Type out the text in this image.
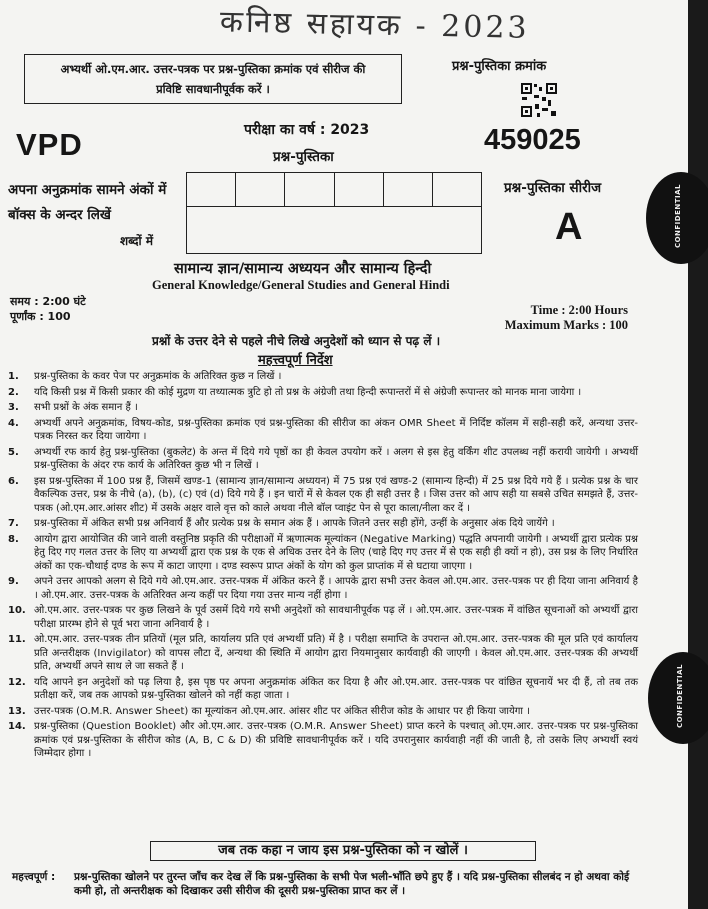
कनिष्ठ सहायक - 2023
अभ्यर्थी ओ.एम.आर. उत्तर-पत्रक पर प्रश्न-पुस्तिका क्रमांक एवं सीरीज की
प्रविष्टि सावधानीपूर्वक करें ।
प्रश्न-पुस्तिका क्रमांक
VPD	परीक्षा का वर्ष : 2023
प्रश्न-पुस्तिका
459025
अपना अनुक्रमांक सामने अंकों में
बॉक्स के अन्दर लिखें
शब्दों में
प्रश्न-पुस्तिका सीरीज
A	CONFIDENTIAL
CONFIDENTIAL
सामान्य ज्ञान/सामान्य अध्ययन और सामान्य हिन्दी
General Knowledge/General Studies and General Hindi
समय : 2:00 घंटे
पूर्णांक : 100	Time : 2:00 Hours
Maximum Marks : 100
प्रश्नों के उत्तर देने से पहले नीचे लिखे अनुदेशों को ध्यान से पढ़ लें ।
महत्त्वपूर्ण निर्देश
1.	प्रश्न-पुस्तिका के कवर पेज पर अनुक्रमांक के अतिरिक्त कुछ न लिखें ।
2.	यदि किसी प्रश्न में किसी प्रकार की कोई मुद्रण या तथ्यात्मक त्रुटि हो तो प्रश्न के अंग्रेजी तथा हिन्दी रूपान्तरों में से अंग्रेजी रूपान्तर को मानक माना जायेगा ।
3.	सभी प्रश्नों के अंक समान हैं ।
4.	अभ्यर्थी अपने अनुक्रमांक, विषय-कोड, प्रश्न-पुस्तिका क्रमांक एवं प्रश्न-पुस्तिका की सीरीज का अंकन OMR Sheet में निर्दिष्ट कॉलम में सही-सही करें, अन्यथा उत्तर-पत्रक निरस्त कर दिया जायेगा ।
5.	अभ्यर्थी रफ कार्य हेतु प्रश्न-पुस्तिका (बुकलेट) के अन्त में दिये गये पृष्ठों का ही केवल उपयोग करें । अलग से इस हेतु वर्किंग शीट उपलब्ध नहीं करायी जायेगी । अभ्यर्थी प्रश्न-पुस्तिका के अंदर रफ कार्य के अतिरिक्त कुछ भी न लिखें ।
6.	इस प्रश्न-पुस्तिका में 100 प्रश्न हैं, जिसमें खण्ड-1 (सामान्य ज्ञान/सामान्य अध्ययन) में 75 प्रश्न एवं खण्ड-2 (सामान्य हिन्दी) में 25 प्रश्न दिये गये हैं । प्रत्येक प्रश्न के चार वैकल्पिक उत्तर, प्रश्न के नीचे (a), (b), (c) एवं (d) दिये गये हैं । इन चारों में से केवल एक ही सही उत्तर है । जिस उत्तर को आप सही या सबसे उचित समझते हैं, उत्तर-पत्रक (ओ.एम.आर.आंसर शीट) में उसके अक्षर वाले वृत्त को काले अथवा नीले बॉल प्वाइंट पेन से पूरा काला/नीला कर दें ।
7.	प्रश्न-पुस्तिका में अंकित सभी प्रश्न अनिवार्य हैं और प्रत्येक प्रश्न के समान अंक हैं । आपके जितने उत्तर सही होंगे, उन्हीं के अनुसार अंक दिये जायेंगे ।
8.	आयोग द्वारा आयोजित की जाने वाली वस्तुनिष्ठ प्रकृति की परीक्षाओं में ऋणात्मक मूल्यांकन (Negative Marking) पद्धति अपनायी जायेगी । अभ्यर्थी द्वारा प्रत्येक प्रश्न हेतु दिए गए गलत उत्तर के लिए या अभ्यर्थी द्वारा एक प्रश्न के एक से अधिक उत्तर देने के लिए (चाहे दिए गए उत्तर में से एक सही ही क्यों न हो), उस प्रश्न के लिए निर्धारित अंकों का एक-चौथाई दण्ड के रूप में काटा जाएगा । दण्ड स्वरूप प्राप्त अंकों के योग को कुल प्राप्तांक में से घटाया जाएगा ।
9.	अपने उत्तर आपको अलग से दिये गये ओ.एम.आर. उत्तर-पत्रक में अंकित करने हैं । आपके द्वारा सभी उत्तर केवल ओ.एम.आर. उत्तर-पत्रक पर ही दिया जाना अनिवार्य है । ओ.एम.आर. उत्तर-पत्रक के अतिरिक्त अन्य कहीं पर दिया गया उत्तर मान्य नहीं होगा ।
10. ओ.एम.आर. उत्तर-पत्रक पर कुछ लिखने के पूर्व उसमें दिये गये सभी अनुदेशों को सावधानीपूर्वक पढ़ लें । ओ.एम.आर. उत्तर-पत्रक में वांछित सूचनाओं को अभ्यर्थी द्वारा परीक्षा प्रारम्भ होने से पूर्व भरा जाना अनिवार्य है ।
11. ओ.एम.आर. उत्तर-पत्रक तीन प्रतियों (मूल प्रति, कार्यालय प्रति एवं अभ्यर्थी प्रति) में है । परीक्षा समाप्ति के उपरान्त ओ.एम.आर. उत्तर-पत्रक की मूल प्रति एवं कार्यालय प्रति अन्तरीक्षक (Invigilator) को वापस लौटा दें, अन्यथा की स्थिति में आयोग द्वारा नियमानुसार कार्यवाही की जाएगी । केवल ओ.एम.आर. उत्तर-पत्रक की अभ्यर्थी प्रति, अभ्यर्थी अपने साथ ले जा सकते हैं ।
12. यदि आपने इन अनुदेशों को पढ़ लिया है, इस पृष्ठ पर अपना अनुक्रमांक अंकित कर दिया है और ओ.एम.आर. उत्तर-पत्रक पर वांछित सूचनायें भर दी हैं, तो तब तक प्रतीक्षा करें, जब तक आपको प्रश्न-पुस्तिका खोलने को नहीं कहा जाता ।
13. उत्तर-पत्रक (O.M.R. Answer Sheet) का मूल्यांकन ओ.एम.आर. आंसर शीट पर अंकित सीरीज कोड के आधार पर ही किया जायेगा ।
14. प्रश्न-पुस्तिका (Question Booklet) और ओ.एम.आर. उत्तर-पत्रक (O.M.R. Answer Sheet) प्राप्त करने के पश्चात् ओ.एम.आर. उत्तर-पत्रक पर प्रश्न-पुस्तिका क्रमांक एवं प्रश्न-पुस्तिका के सीरीज कोड (A, B, C & D) की प्रविष्टि सावधानीपूर्वक करें । यदि उपरानुसार कार्यवाही नहीं की जाती है, तो उसके लिए अभ्यर्थी स्वयं जिम्मेदार होगा ।
जब तक कहा न जाय इस प्रश्न-पुस्तिका को न खोलें ।
महत्त्वपूर्ण :	प्रश्न-पुस्तिका खोलने पर तुरन्त जाँच कर देख लें कि प्रश्न-पुस्तिका के सभी पेज भली-भाँति छपे हुए हैं । यदि प्रश्न-पुस्तिका सीलबंद न हो अथवा कोई कमी हो, तो अन्तरीक्षक को दिखाकर उसी सीरीज की दूसरी प्रश्न-पुस्तिका प्राप्त कर लें ।
